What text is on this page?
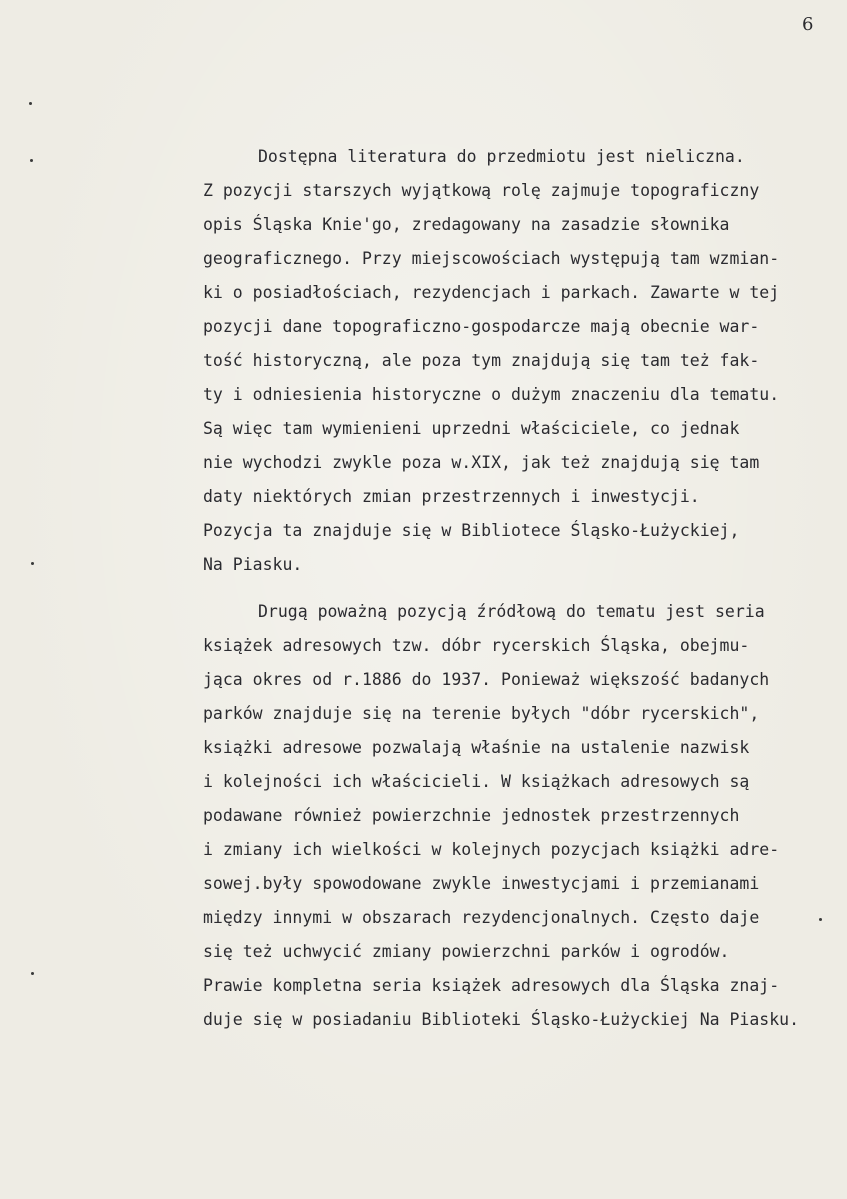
6
Dostępna literatura do przedmiotu jest nieliczna.
Z pozycji starszych wyjątkową rolę zajmuje topograficzny
opis Śląska Knie'go, zredagowany na zasadzie słownika
geograficznego. Przy miejscowościach występują tam wzmian-
ki o posiadłościach, rezydencjach i parkach. Zawarte w tej
pozycji dane topograficzno-gospodarcze mają obecnie war-
tość historyczną, ale poza tym znajdują się tam też fak-
ty i odniesienia historyczne o dużym znaczeniu dla tematu.
Są więc tam wymienieni uprzedni właściciele, co jednak
nie wychodzi zwykle poza w.XIX, jak też znajdują się tam
daty niektórych zmian przestrzennych i inwestycji.
Pozycja ta znajduje się w Bibliotece Śląsko-Łużyckiej,
Na Piasku.
Drugą poważną pozycją źródłową do tematu jest seria
książek adresowych tzw. dóbr rycerskich Śląska, obejmu-
jąca okres od r.1886 do 1937. Ponieważ większość badanych
parków znajduje się na terenie byłych "dóbr rycerskich",
książki adresowe pozwalają właśnie na ustalenie nazwisk
i kolejności ich właścicieli. W książkach adresowych są
podawane również powierzchnie jednostek przestrzennych
i zmiany ich wielkości w kolejnych pozycjach książki adre-
sowej.były spowodowane zwykle inwestycjami i przemianami
między innymi w obszarach rezydencjonalnych. Często daje
się też uchwycić zmiany powierzchni parków i ogrodów.
Prawie kompletna seria książek adresowych dla Śląska znaj-
duje się w posiadaniu Biblioteki Śląsko-Łużyckiej Na Piasku.
